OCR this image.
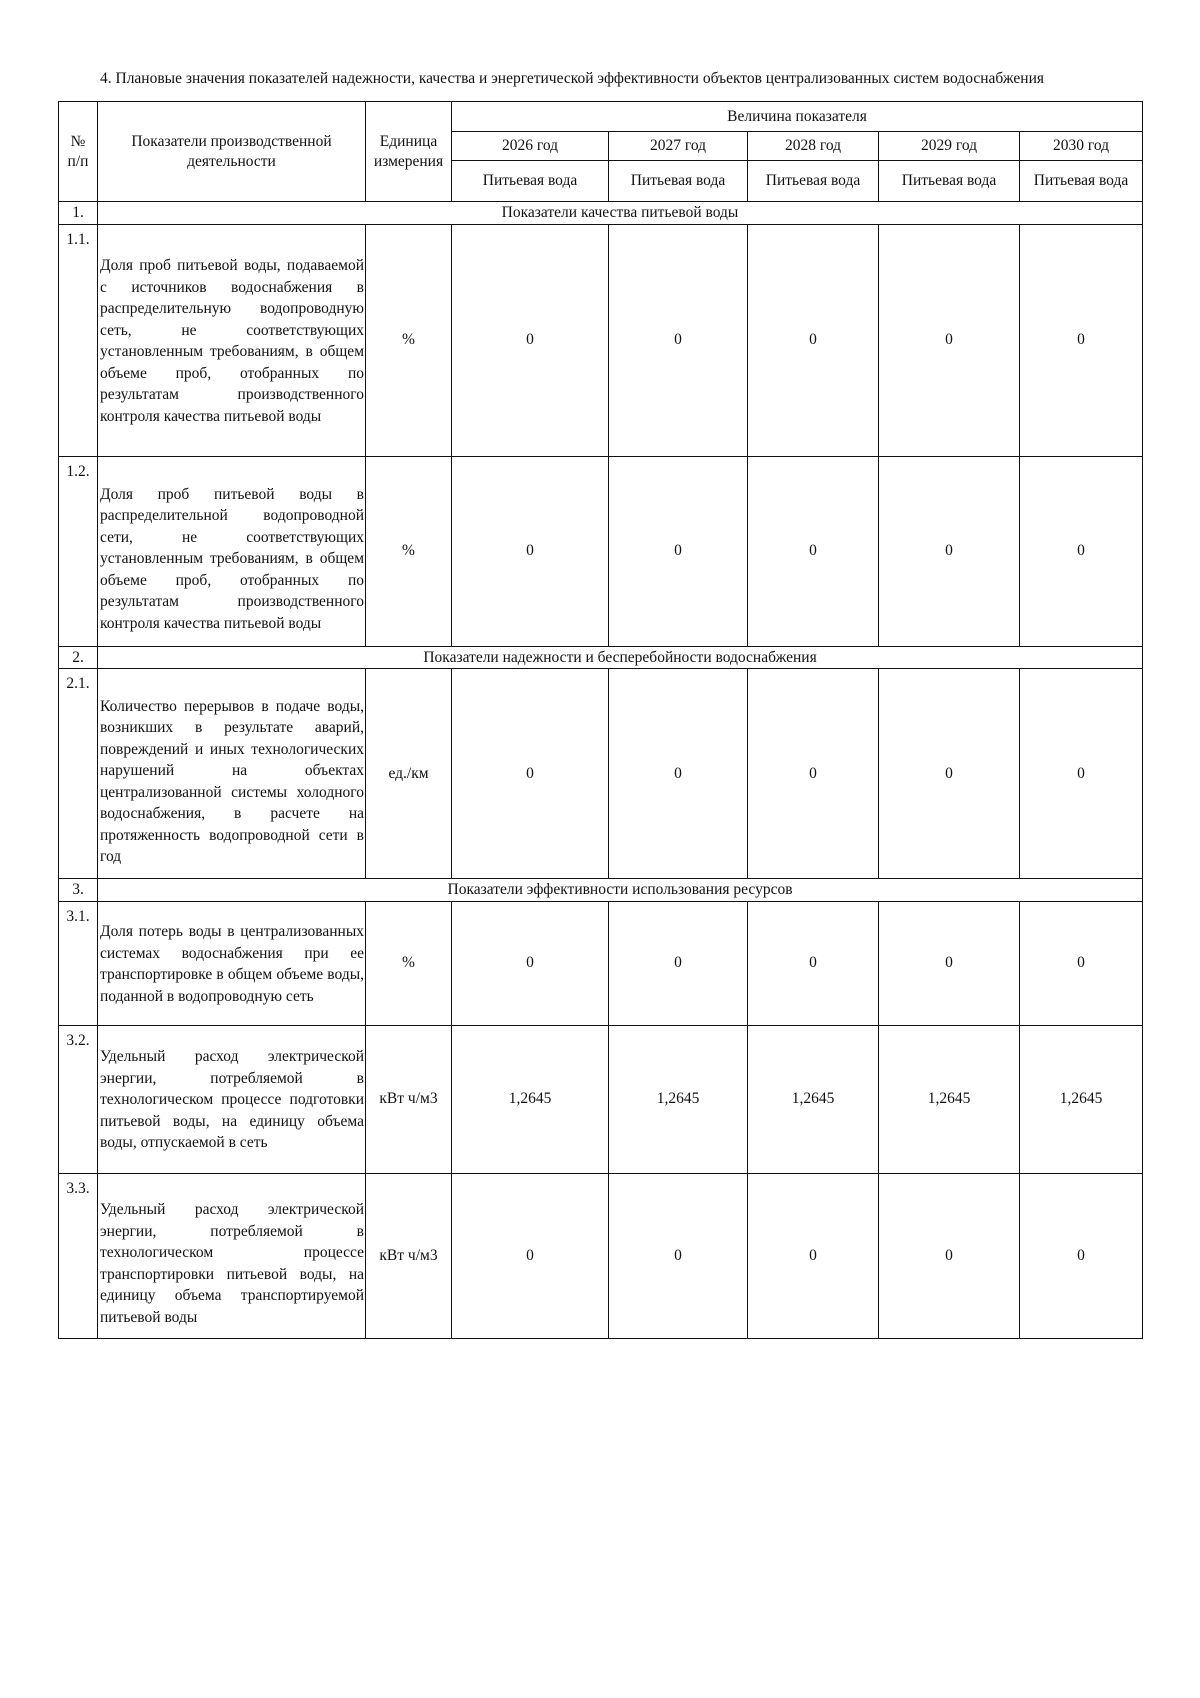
4. Плановые значения показателей надежности, качества и энергетической эффективности объектов централизованных систем водоснабжения
№
п/п	Показатели производственной деятельности	Единица измерения	Величина показателя				
			2026 год	2027 год	2028 год	2029 год	2030 год
			Питьевая вода	Питьевая вода	Питьевая вода	Питьевая вода	Питьевая вода
1.	Показатели качества питьевой воды						
1.1.	Доля проб питьевой воды, подаваемой с источников водоснабжения в распределительную водопроводную сеть, не соответствующих установленным требованиям, в общем объеме проб, отобранных по результатам производственного контроля качества питьевой воды	%	0	0	0	0	0
1.2.	Доля проб питьевой воды в распределительной водопроводной сети, не соответствующих установленным требованиям, в общем объеме проб, отобранных по результатам производственного контроля качества питьевой воды	%	0	0	0	0	0
2.	Показатели надежности и бесперебойности водоснабжения						
2.1.	Количество перерывов в подаче воды, возникших в результате аварий, повреждений и иных технологических нарушений на объектах централизованной системы холодного водоснабжения, в расчете на протяженность водопроводной сети в год	ед./км	0	0	0	0	0
3.	Показатели эффективности использования ресурсов						
3.1.	Доля потерь воды в централизованных системах водоснабжения при ее транспортировке в общем объеме воды, поданной в водопроводную сеть	%	0	0	0	0	0
3.2.	Удельный расход электрической энергии, потребляемой в технологическом процессе подготовки питьевой воды, на единицу объема воды, отпускаемой в сеть	кВт ч/м3	1,2645	1,2645	1,2645	1,2645	1,2645
3.3.	Удельный расход электрической энергии, потребляемой в технологическом процессе транспортировки питьевой воды, на единицу объема транспортируемой питьевой воды	кВт ч/м3	0	0	0	0	0
